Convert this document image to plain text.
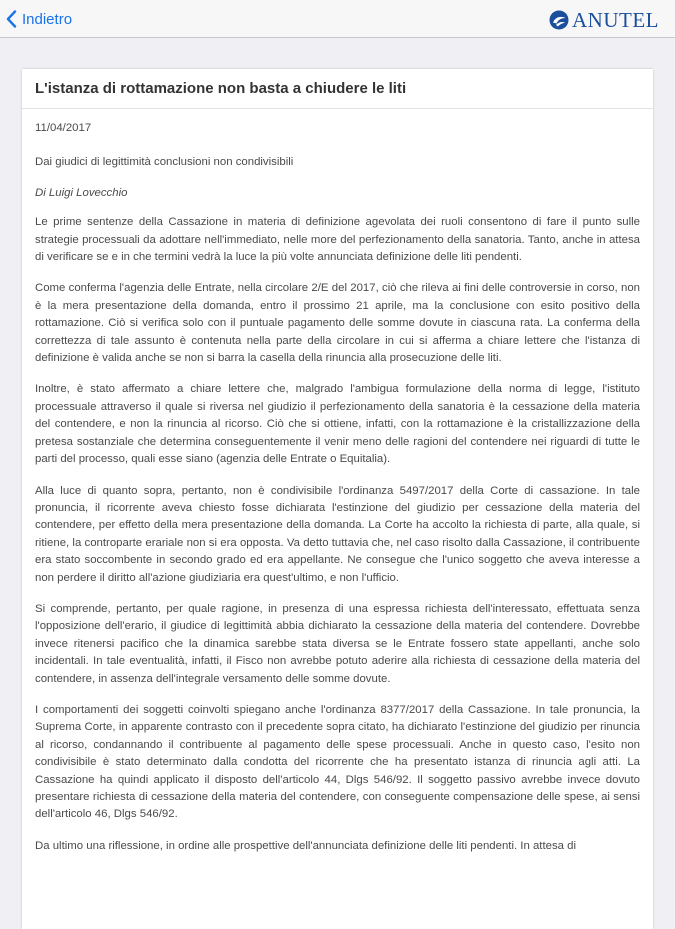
Indietro	ANUTEL
L'istanza di rottamazione non basta a chiudere le liti

11/04/2017

Dai giudici di legittimità conclusioni non condivisibili

Di Luigi Lovecchio

Le prime sentenze della Cassazione in materia di definizione agevolata dei ruoli consentono di fare il punto sulle strategie processuali da adottare nell'immediato, nelle more del perfezionamento della sanatoria. Tanto, anche in attesa di verificare se e in che termini vedrà la luce la più volte annunciata definizione delle liti pendenti.

Come conferma l'agenzia delle Entrate, nella circolare 2/E del 2017, ciò che rileva ai fini delle controversie in corso, non è la mera presentazione della domanda, entro il prossimo 21 aprile, ma la conclusione con esito positivo della rottamazione. Ciò si verifica solo con il puntuale pagamento delle somme dovute in ciascuna rata. La conferma della correttezza di tale assunto è contenuta nella parte della circolare in cui si afferma a chiare lettere che l'istanza di definizione è valida anche se non si barra la casella della rinuncia alla prosecuzione delle liti.

Inoltre, è stato affermato a chiare lettere che, malgrado l'ambigua formulazione della norma di legge, l'istituto processuale attraverso il quale si riversa nel giudizio il perfezionamento della sanatoria è la cessazione della materia del contendere, e non la rinuncia al ricorso. Ciò che si ottiene, infatti, con la rottamazione è la cristallizzazione della pretesa sostanziale che determina conseguentemente il venir meno delle ragioni del contendere nei riguardi di tutte le parti del processo, quali esse siano (agenzia delle Entrate o Equitalia).

Alla luce di quanto sopra, pertanto, non è condivisibile l'ordinanza 5497/2017 della Corte di cassazione. In tale pronuncia, il ricorrente aveva chiesto fosse dichiarata l'estinzione del giudizio per cessazione della materia del contendere, per effetto della mera presentazione della domanda. La Corte ha accolto la richiesta di parte, alla quale, si ritiene, la controparte erariale non si era opposta. Va detto tuttavia che, nel caso risolto dalla Cassazione, il contribuente era stato soccombente in secondo grado ed era appellante. Ne consegue che l'unico soggetto che aveva interesse a non perdere il diritto all'azione giudiziaria era quest'ultimo, e non l'ufficio.

Si comprende, pertanto, per quale ragione, in presenza di una espressa richiesta dell'interessato, effettuata senza l'opposizione dell'erario, il giudice di legittimità abbia dichiarato la cessazione della materia del contendere. Dovrebbe invece ritenersi pacifico che la dinamica sarebbe stata diversa se le Entrate fossero state appellanti, anche solo incidentali. In tale eventualità, infatti, il Fisco non avrebbe potuto aderire alla richiesta di cessazione della materia del contendere, in assenza dell'integrale versamento delle somme dovute.

I comportamenti dei soggetti coinvolti spiegano anche l'ordinanza 8377/2017 della Cassazione. In tale pronuncia, la Suprema Corte, in apparente contrasto con il precedente sopra citato, ha dichiarato l'estinzione del giudizio per rinuncia al ricorso, condannando il contribuente al pagamento delle spese processuali. Anche in questo caso, l'esito non condivisibile è stato determinato dalla condotta del ricorrente che ha presentato istanza di rinuncia agli atti. La Cassazione ha quindi applicato il disposto dell'articolo 44, Dlgs 546/92. Il soggetto passivo avrebbe invece dovuto presentare richiesta di cessazione della materia del contendere, con conseguente compensazione delle spese, ai sensi dell'articolo 46, Dlgs 546/92.

Da ultimo una riflessione, in ordine alle prospettive dell'annunciata definizione delle liti pendenti. In attesa di
